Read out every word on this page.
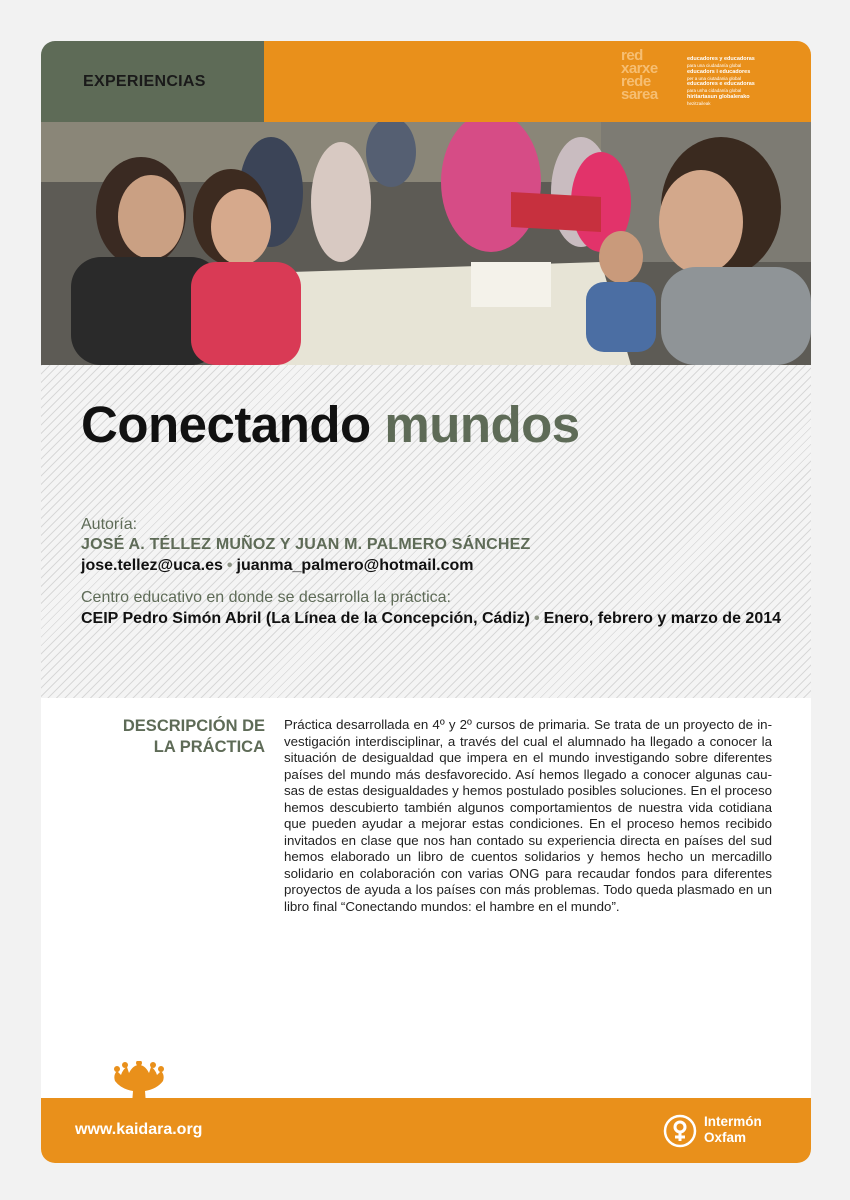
EXPERIENCIAS
red
xarxe
rede
sarea
educadores y educadoras
para una ciudadanía global
educadors i educadores
per a una ciutadania global
educadores e educadoras
para unha cidadanía global
hiritartasun globalerako
hezitzaileak
Conectando mundos
Autoría:
JOSÉ A. TÉLLEZ MUÑOZ Y JUAN M. PALMERO SÁNCHEZ
jose.tellez@uca.es • juanma_palmero@hotmail.com
Centro educativo en donde se desarrolla la práctica:
CEIP Pedro Simón Abril (La Línea de la Concepción, Cádiz) • Enero, febrero y marzo de 2014
DESCRIPCIÓN DE
LA PRÁCTICA
Práctica desarrollada en 4º y 2º cursos de primaria. Se trata de un proyecto de in-vestigación interdisciplinar, a través del cual el alumnado ha llegado a conocer la situación de desigualdad que impera en el mundo investigando sobre diferentes países del mundo más desfavorecido. Así hemos llegado a conocer algunas cau-sas de estas desigualdades y hemos postulado posibles soluciones. En el proceso hemos descubierto también algunos comportamientos de nuestra vida cotidiana que pueden ayudar a mejorar estas condiciones. En el proceso hemos recibido invitados en clase que nos han contado su experiencia directa en países del sud hemos elaborado un libro de cuentos solidarios y hemos hecho un mercadillo solidario en colaboración con varias ONG para recaudar fondos para diferentes proyectos de ayuda a los países con más problemas. Todo queda plasmado en un libro final “Conectando mundos: el hambre en el mundo”.
www.kaidara.org	Intermón
Oxfam
